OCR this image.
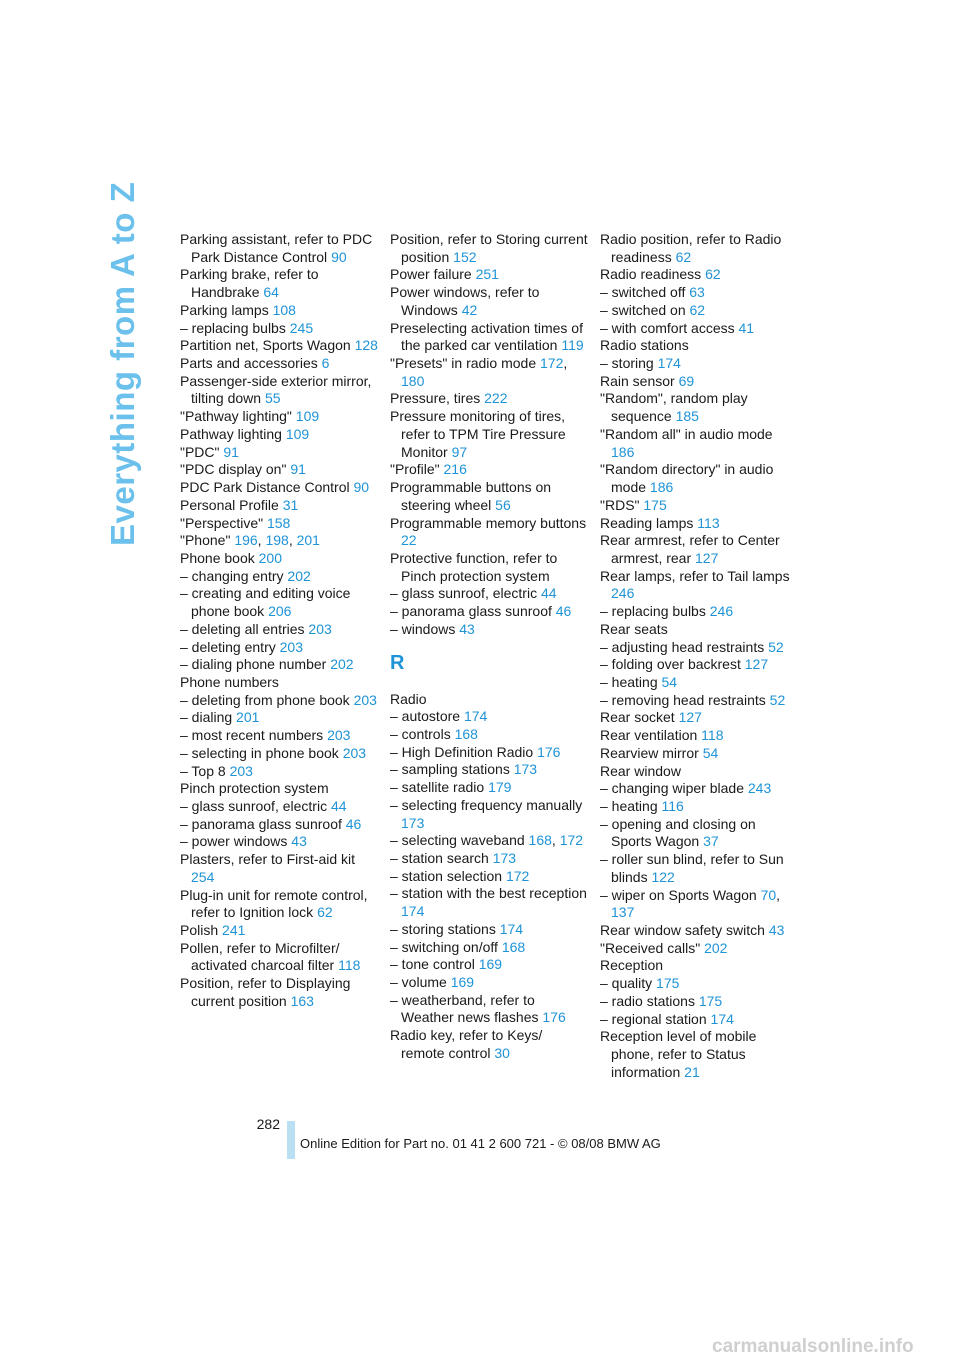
Everything from A to Z	Parking assistant, refer to PDC Park Distance Control 90
Parking brake, refer to Handbrake 64
Parking lamps 108
– replacing bulbs 245
Partition net, Sports Wagon 128
Parts and accessories 6
Passenger-side exterior mirror, tilting down 55
"Pathway lighting" 109
Pathway lighting 109
"PDC" 91
"PDC display on" 91
PDC Park Distance Control 90
Personal Profile 31
"Perspective" 158
"Phone" 196, 198, 201
Phone book 200
– changing entry 202
– creating and editing voice phone book 206
– deleting all entries 203
– deleting entry 203
– dialing phone number 202
Phone numbers
– deleting from phone book 203
– dialing 201
– most recent numbers 203
– selecting in phone book 203
– Top 8 203
Pinch protection system
– glass sunroof, electric 44
– panorama glass sunroof 46
– power windows 43
Plasters, refer to First-aid kit 254
Plug-in unit for remote control, refer to Ignition lock 62
Polish 241
Pollen, refer to Microfilter/ activated charcoal filter 118
Position, refer to Displaying current position 163
Position, refer to Storing current position 152
Power failure 251
Power windows, refer to Windows 42
Preselecting activation times of the parked car ventilation 119
"Presets" in radio mode 172, 180
Pressure, tires 222
Pressure monitoring of tires, refer to TPM Tire Pressure Monitor 97
"Profile" 216
Programmable buttons on steering wheel 56
Programmable memory buttons 22
Protective function, refer to Pinch protection system
– glass sunroof, electric 44
– panorama glass sunroof 46
– windows 43
R
Radio
– autostore 174
– controls 168
– High Definition Radio 176
– sampling stations 173
– satellite radio 179
– selecting frequency manually 173
– selecting waveband 168, 172
– station search 173
– station selection 172
– station with the best reception 174
– storing stations 174
– switching on/off 168
– tone control 169
– volume 169
– weatherband, refer to Weather news flashes 176
Radio key, refer to Keys/ remote control 30
Radio position, refer to Radio readiness 62
Radio readiness 62
– switched off 63
– switched on 62
– with comfort access 41
Radio stations
– storing 174
Rain sensor 69
"Random", random play sequence 185
"Random all" in audio mode 186
"Random directory" in audio mode 186
"RDS" 175
Reading lamps 113
Rear armrest, refer to Center armrest, rear 127
Rear lamps, refer to Tail lamps 246
– replacing bulbs 246
Rear seats
– adjusting head restraints 52
– folding over backrest 127
– heating 54
– removing head restraints 52
Rear socket 127
Rear ventilation 118
Rearview mirror 54
Rear window
– changing wiper blade 243
– heating 116
– opening and closing on Sports Wagon 37
– roller sun blind, refer to Sun blinds 122
– wiper on Sports Wagon 70, 137
Rear window safety switch 43
"Received calls" 202
Reception
– quality 175
– radio stations 175
– regional station 174
Reception level of mobile phone, refer to Status information 21
282
Online Edition for Part no. 01 41 2 600 721 - © 08/08 BMW AG
carmanualsonline.info
